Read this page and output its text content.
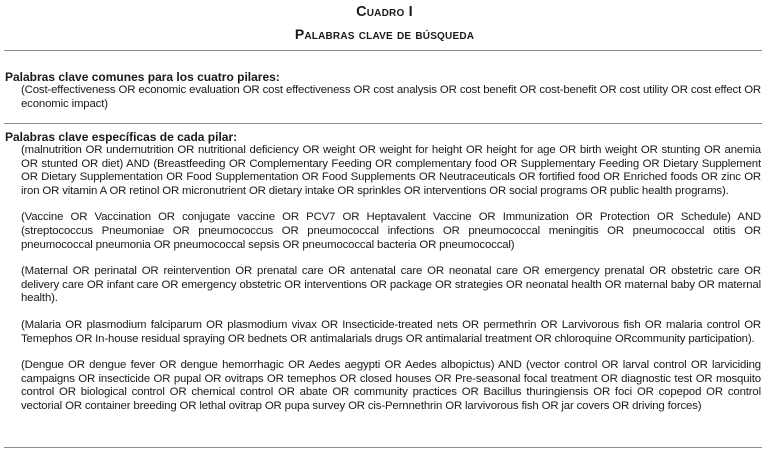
Cuadro I
Palabras clave de búsqueda
Palabras clave comunes para los cuatro pilares:

(Cost-effectiveness OR economic evaluation OR cost effectiveness OR cost analysis OR cost benefit OR cost-benefit OR cost utility OR cost effect OR economic impact)

Palabras clave específicas de cada pilar:

(malnutrition OR undernutrition OR nutritional deficiency OR weight OR weight for height OR height for age OR birth weight OR stunting OR anemia OR stunted OR diet) AND (Breastfeeding OR Complementary Feeding OR complementary food OR Supplementary Feeding OR Dietary Supplement OR Dietary Supplementation OR Food Supplementation OR Food Supplements OR Neutraceuticals OR fortified food OR Enriched foods OR zinc OR iron OR vitamin A OR retinol OR micronutrient OR dietary intake OR sprinkles OR interventions OR social programs OR public health programs).

(Vaccine OR Vaccination OR conjugate vaccine OR PCV7 OR Heptavalent Vaccine OR Immunization OR Protection OR Schedule) AND (streptococcus Pneumoniae OR pneumococcus OR pneumococcal infections OR pneumococcal meningitis OR pneumococcal otitis OR pneumococcal pneumonia OR pneumococcal sepsis OR pneumococcal bacteria OR pneumococcal)

(Maternal OR perinatal OR reintervention OR prenatal care OR antenatal care OR neonatal care OR emergency prenatal OR obstetric care OR delivery care OR infant care OR emergency obstetric OR interventions OR package OR strategies OR neonatal health OR maternal baby OR maternal health).

(Malaria OR plasmodium falciparum OR plasmodium vivax OR Insecticide-treated nets OR permethrin OR Larvivorous fish OR malaria control OR Temephos OR In-house residual spraying OR bednets OR antimalarials drugs OR antimalarial treatment OR chloroquine ORcommunity participation).

(Dengue OR dengue fever OR dengue hemorrhagic OR Aedes aegypti OR Aedes albopictus) AND (vector control OR larval control OR larviciding campaigns OR insecticide OR pupal OR ovitraps OR temephos OR closed houses OR Pre-seasonal focal treatment OR diagnostic test OR mosquito control OR biological control OR chemical control OR abate OR community practices OR Bacillus thuringiensis OR foci OR copepod OR control vectorial OR container breeding OR lethal ovitrap OR pupa survey OR cis-Pernnethrin OR larvivorous fish OR jar covers OR driving forces)
